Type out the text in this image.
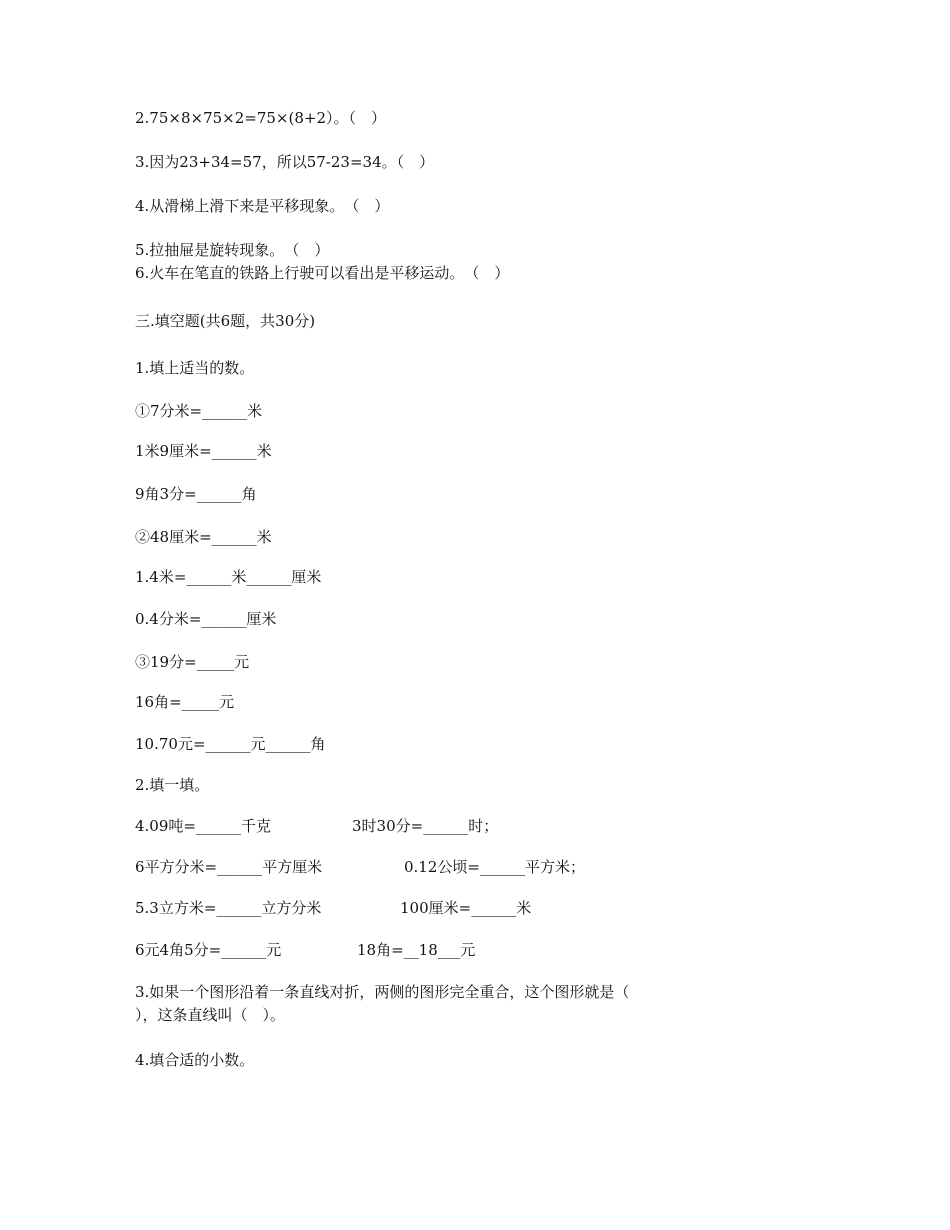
2.75×8×75×2=75×(8+2）。（　）
3.因为23+34=57，所以57-23=34。（　）
4.从滑梯上滑下来是平移现象。　（　）
5.拉抽屉是旋转现象。　（　）
6.火车在笔直的铁路上行驶可以看出是平移运动。　（　）
三.填空题(共6题，共30分)
1.填上适当的数。
①7分米=______米
1米9厘米=______米
9角3分=______角
②48厘米=______米
1.4米=______米______厘米
0.4分米=______厘米
③19分=_____元
16角=_____元
10.70元=______元______角
2.填一填。
4.09吨=______千克	3时30分=______时；
6平方分米=______平方厘米	0.12公顷=______平方米；
5.3立方米=______立方分米	100厘米=______米
6元4角5分=______元	18角=__18___元
3.如果一个图形沿着一条直线对折，两侧的图形完全重合，这个图形就是（
），这条直线叫（　）。
4.填合适的小数。
